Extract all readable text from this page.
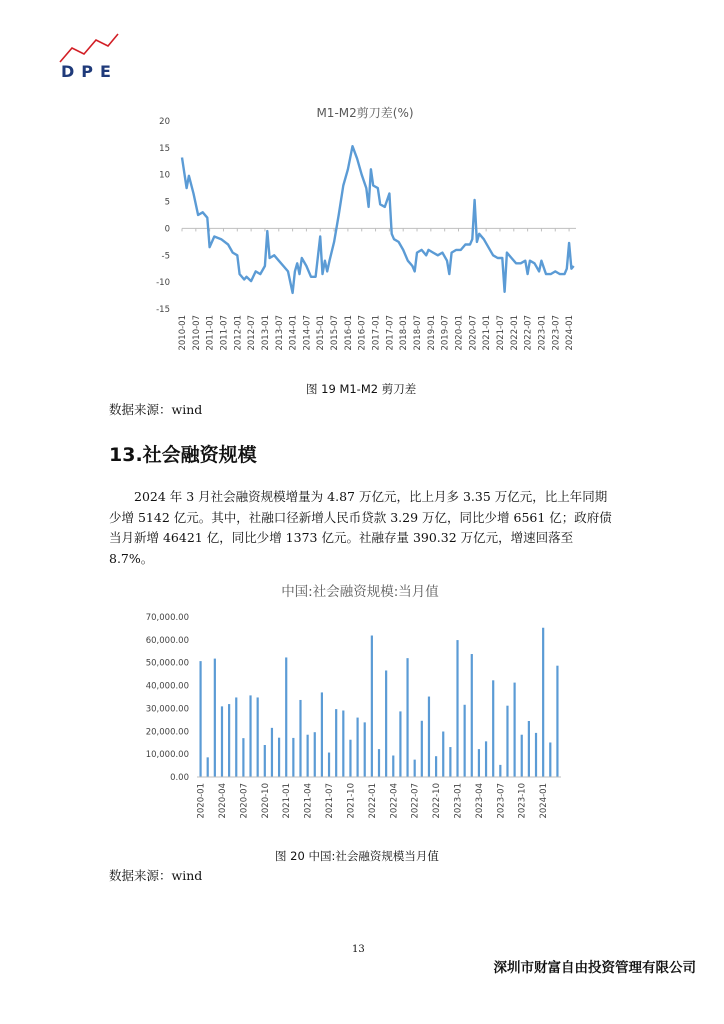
DPE
M1-M2剪刀差(%)
20
15
10
5
0
-5
-10
-15
2010-01 2010-07 2011-01 2011-07 2012-01 2012-07 2013-01 2013-07 2014-01 2014-07 2015-01 2015-07 2016-01 2016-07 2017-01 2017-07 2018-01 2018-07 2019-01 2019-07 2020-01 2020-07 2021-01 2021-07 2022-01 2022-07 2023-01 2023-07 2024-01
图 19 M1-M2 剪刀差
数据来源：wind
13.社会融资规模
2024 年 3 月社会融资规模增量为 4.87 万亿元，比上月多 3.35 万亿元，比上年同期少增 5142 亿元。其中，社融口径新增人民币贷款 3.29 万亿，同比少增 6561 亿；政府债当月新增 46421 亿，同比少增 1373 亿元。社融存量 390.32 万亿元，增速回落至 8.7%。
中国:社会融资规模:当月值
70,000.00
60,000.00
50,000.00
40,000.00
30,000.00
20,000.00
10,000.00
0.00
2020-01 2020-04 2020-07 2020-10 2021-01 2021-04 2021-07 2021-10 2022-01 2022-04 2022-07 2022-10 2023-01 2023-04 2023-07 2023-10 2024-01
图 20 中国:社会融资规模当月值
数据来源：wind
13
深圳市财富自由投资管理有限公司
